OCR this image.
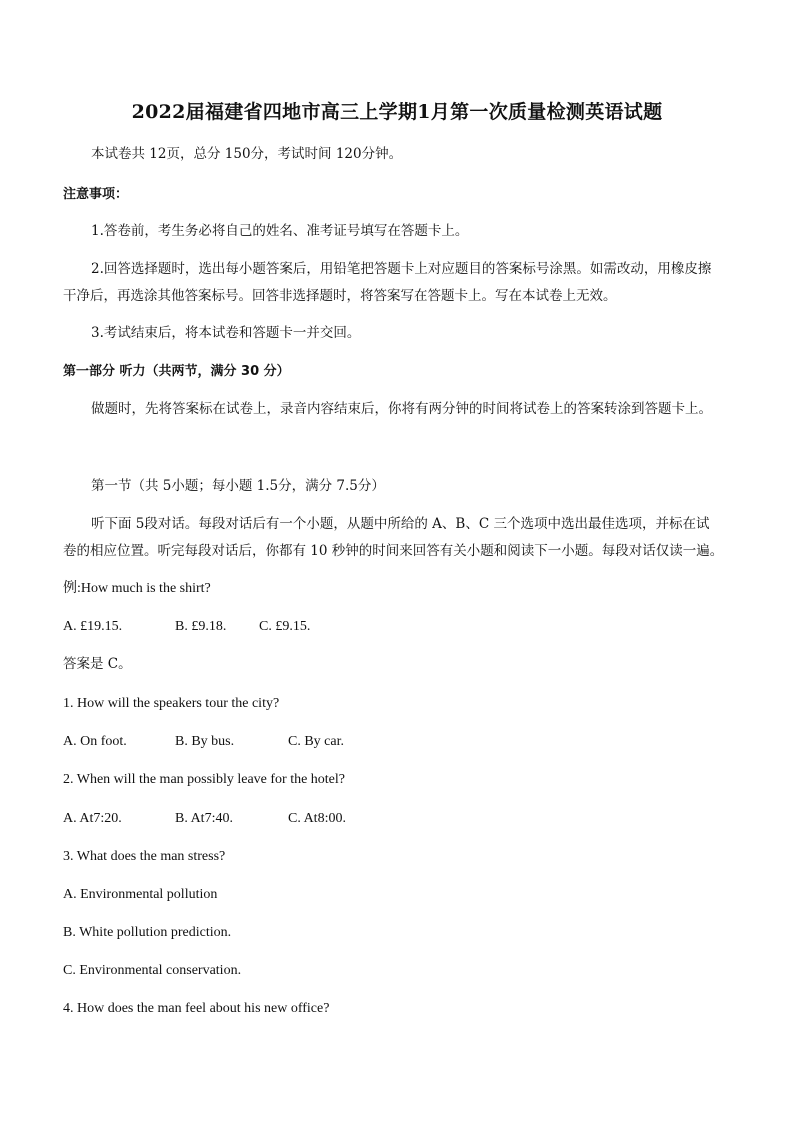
2022届福建省四地市高三上学期1月第一次质量检测英语试题
本试卷共 12页，总分 150分，考试时间 120分钟。
注意事项：
1.答卷前，考生务必将自己的姓名、准考证号填写在答题卡上。
2.回答选择题时，选出每小题答案后，用铅笔把答题卡上对应题目的答案标号涂黑。如需改动，用橡皮擦
干净后，再选涂其他答案标号。回答非选择题时，将答案写在答题卡上。写在本试卷上无效。
3.考试结束后，将本试卷和答题卡一并交回。
第一部分 听力（共两节，满分 30 分）
做题时，先将答案标在试卷上，录音内容结束后，你将有两分钟的时间将试卷上的答案转涂到答题卡上。
第一节（共 5小题；每小题 1.5分，满分 7.5分）
听下面 5段对话。每段对话后有一个小题，从题中所给的 A、B、C 三个选项中选出最佳选项，并标在试
卷的相应位置。听完每段对话后，你都有 10 秒钟的时间来回答有关小题和阅读下一小题。每段对话仅读一遍。
例:How much is the shirt?
A. £19.15.	B. £9.18. C. £9.15.
答案是 C。
1. How will the speakers tour the city?
A. On foot.	B. By bus.	C. By car.
2. When will the man possibly leave for the hotel?
A. At7:20.	B. At7:40.	C. At8:00.
3. What does the man stress?
A. Environmental pollution
B. White pollution prediction.
C. Environmental conservation.
4. How does the man feel about his new office?
